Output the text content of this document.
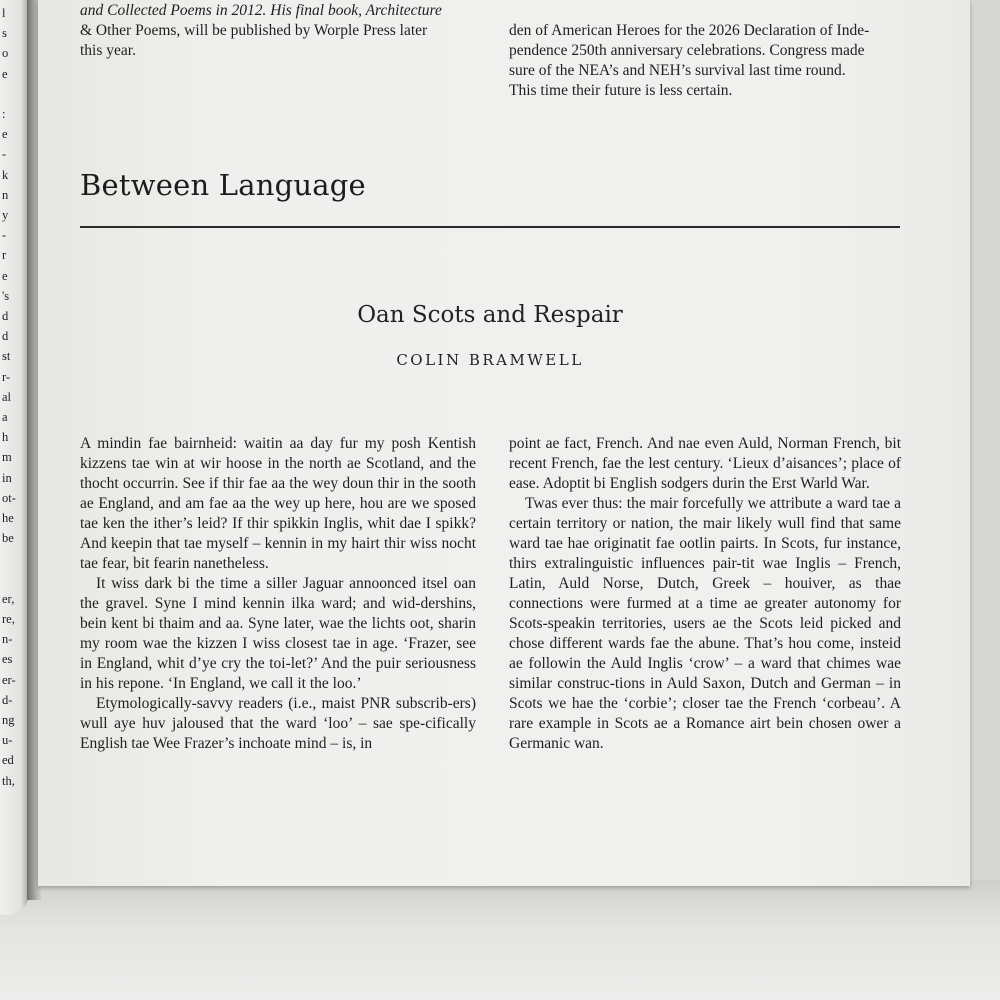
l
s
o
e
:
e
-
k
n
y
-
r
e
's
d
d
st
r-
al
a
h
m
in
ot-
he
be
er,
re,
n-
es
er-
d-
ng
u-
ed
th,

and Collected Poems in 2012. His final book, Architecture

& Other Poems, will be published by Worple Press later

this year.

den of American Heroes for the 2026 Declaration of Inde-

pendence 250th anniversary celebrations. Congress made

sure of the NEA’s and NEH’s survival last time round.

This time their future is less certain.

Between Language
Oan Scots and Respair
COLIN BRAMWELL

A mindin fae bairnheid: waitin aa day fur my posh Kentish kizzens tae win at wir hoose in the north ae Scotland, and the thocht occurrin. See if thir fae aa the wey doun thir in the sooth ae England, and am fae aa the wey up here, hou are we sposed tae ken the ither’s leid? If thir spikkin Inglis, whit dae I spikk? And keepin that tae myself – kennin in my hairt thir wiss nocht tae fear, bit fearin nanetheless.

It wiss dark bi the time a siller Jaguar annoonced itsel oan the gravel. Syne I mind kennin ilka ward; and wid-dershins, bein kent bi thaim and aa. Syne later, wae the lichts oot, sharin my room wae the kizzen I wiss closest tae in age. ‘Frazer, see in England, whit d’ye cry the toi-let?’ And the puir seriousness in his repone. ‘In England, we call it the loo.’

Etymologically-savvy readers (i.e., maist PNR subscrib-ers) wull aye huv jaloused that the ward ‘loo’ – sae spe-cifically English tae Wee Frazer’s inchoate mind – is, in

point ae fact, French. And nae even Auld, Norman French, bit recent French, fae the lest century. ‘Lieux d’aisances’; place of ease. Adoptit bi English sodgers durin the Erst Warld War.

Twas ever thus: the mair forcefully we attribute a ward tae a certain territory or nation, the mair likely wull find that same ward tae hae originatit fae ootlin pairts. In Scots, fur instance, thirs extralinguistic influences pair-tit wae Inglis – French, Latin, Auld Norse, Dutch, Greek – houiver, as thae connections were furmed at a time ae greater autonomy for Scots-speakin territories, users ae the Scots leid picked and chose different wards fae the abune. That’s hou come, insteid ae followin the Auld Inglis ‘crow’ – a ward that chimes wae similar construc-tions in Auld Saxon, Dutch and German – in Scots we hae the ‘corbie’; closer tae the French ‘corbeau’. A rare example in Scots ae a Romance airt bein chosen ower a Germanic wan.
